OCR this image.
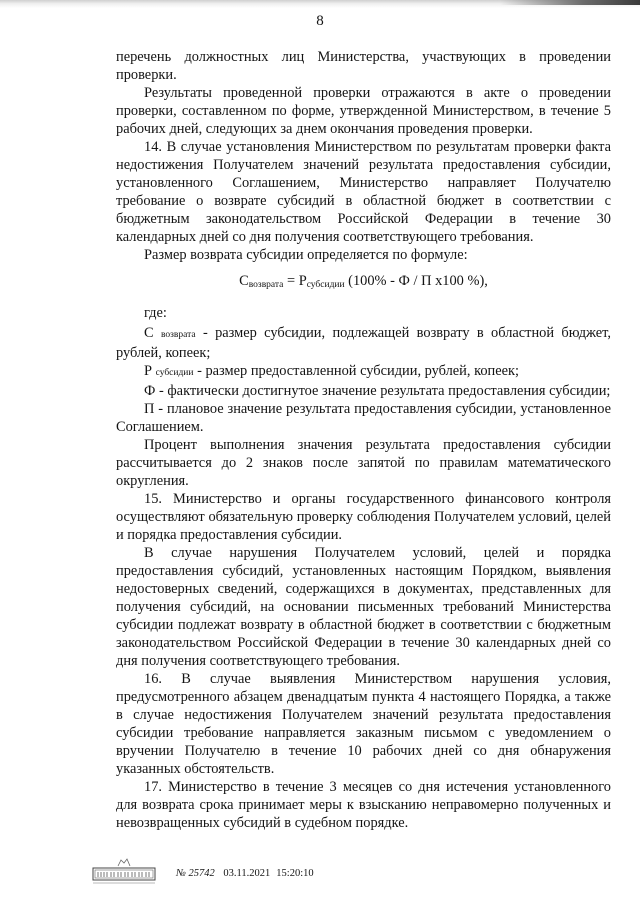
8

перечень должностных лиц Министерства, участвующих в проведении проверки.

Результаты проведенной проверки отражаются в акте о проведении проверки, составленном по форме, утвержденной Министерством, в течение 5 рабочих дней, следующих за днем окончания проведения проверки.

14. В случае установления Министерством по результатам проверки факта недостижения Получателем значений результата предоставления субсидии, установленного Соглашением, Министерство направляет Получателю требование о возврате субсидий в областной бюджет в соответствии с бюджетным законодательством Российской Федерации в течение 30 календарных дней со дня получения соответствующего требования.

Размер возврата субсидии определяется по формуле:

$С_{возврата} = Р_{субсидии}$ (100% - Ф / П х100 %),

где:

С возврата - размер субсидии, подлежащей возврату в областной бюджет, рублей, копеек;

Р субсидии - размер предоставленной субсидии, рублей, копеек;

Ф - фактически достигнутое значение результата предоставления субсидии;

П - плановое значение результата предоставления субсидии, установленное Соглашением.

Процент выполнения значения результата предоставления субсидии рассчитывается до 2 знаков после запятой по правилам математического округления.

15. Министерство и органы государственного финансового контроля осуществляют обязательную проверку соблюдения Получателем условий, целей и порядка предоставления субсидии.

В случае нарушения Получателем условий, целей и порядка предоставления субсидий, установленных настоящим Порядком, выявления недостоверных сведений, содержащихся в документах, представленных для получения субсидий, на основании письменных требований Министерства субсидии подлежат возврату в областной бюджет в соответствии с бюджетным законодательством Российской Федерации в течение 30 календарных дней со дня получения соответствующего требования.

16. В случае выявления Министерством нарушения условия, предусмотренного абзацем двенадцатым пункта 4 настоящего Порядка, а также в случае недостижения Получателем значений результата предоставления субсидии требование направляется заказным письмом с уведомлением о вручении Получателю в течение 10 рабочих дней со дня обнаружения указанных обстоятельств.

17. Министерство в течение 3 месяцев со дня истечения установленного для возврата срока принимает меры к взысканию неправомерно полученных и невозвращенных субсидий в судебном порядке.

№ 25742 03.11.2021 15:20:10
